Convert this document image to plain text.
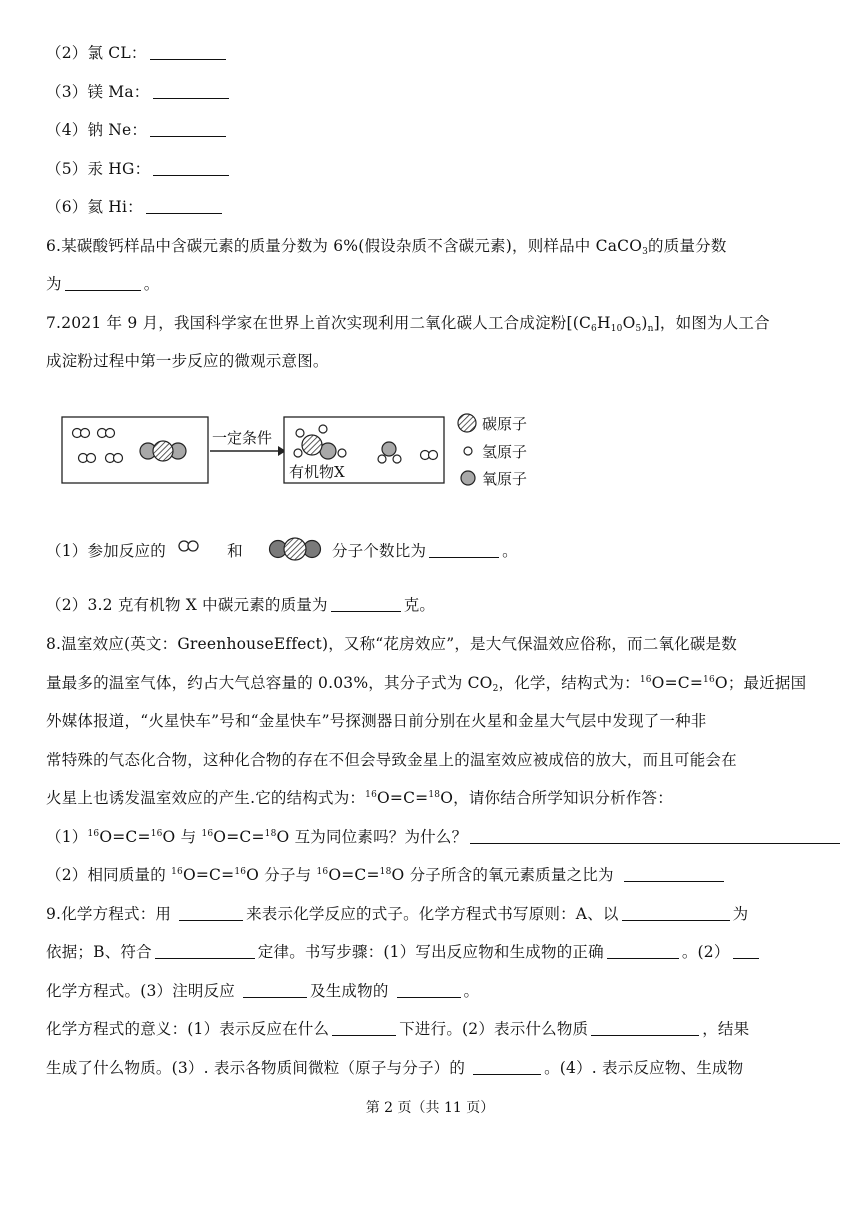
（2）氯 CL：
（3）镁 Ma：
（4）钠 Ne：
（5）汞 HG：
（6）氦 Hi：
6.某碳酸钙样品中含碳元素的质量分数为 6%(假设杂质不含碳元素)，则样品中 CaCO$_3$的质量分数
为	。
7.2021 年 9 月，我国科学家在世界上首次实现利用二氧化碳人工合成淀粉$[(C_6H_{10}O_5)_n]$，如图为人工合
成淀粉过程中第一步反应的微观示意图。
一定条件
有机物X
碳原子
氢原子
氧原子
（1）参加反应的	和	分子个数比为	。
（2）3.2 克有机物 X 中碳元素的质量为	克。
8.温室效应(英文：GreenhouseEffect)，又称“花房效应”，是大气保温效应俗称，而二氧化碳是数
量最多的温室气体，约占大气总容量的 0.03%，其分子式为 $CO_2$，化学，结构式为：$^{16}$O=C=$^{16}$O；最近据国
外媒体报道，“火星快车”号和“金星快车”号探测器日前分别在火星和金星大气层中发现了一种非
常特殊的气态化合物，这种化合物的存在不但会导致金星上的温室效应被成倍的放大，而且可能会在
火星上也诱发温室效应的产生.它的结构式为：$^{16}$O=C=$^{18}$O，请你结合所学知识分析作答：
$(1)^{16}O=C=^{16}O$ 与 $^{16}$O=C=$^{18}$O 互为同位素吗？为什么？
（2）相同质量的 $^{16}$O=C=$^{16}$O 分子与 $^{16}$O=C=$^{18}$O 分子所含的氧元素质量之比为
9.化学方程式：用	来表示化学反应的式子。化学方程式书写原则：A、以	为
依据；B、符合	定律。书写步骤：(1）写出反应物和生成物的正确	。(2）
化学方程式。(3）注明反应	及生成物的	。
化学方程式的意义：(1）表示反应在什么	下进行。(2）表示什么物质	，结果
生成了什么物质。(3）. 表示各物质间微粒（原子与分子）的	。(4）. 表示反应物、生成物
第 2 页（共 11 页）
